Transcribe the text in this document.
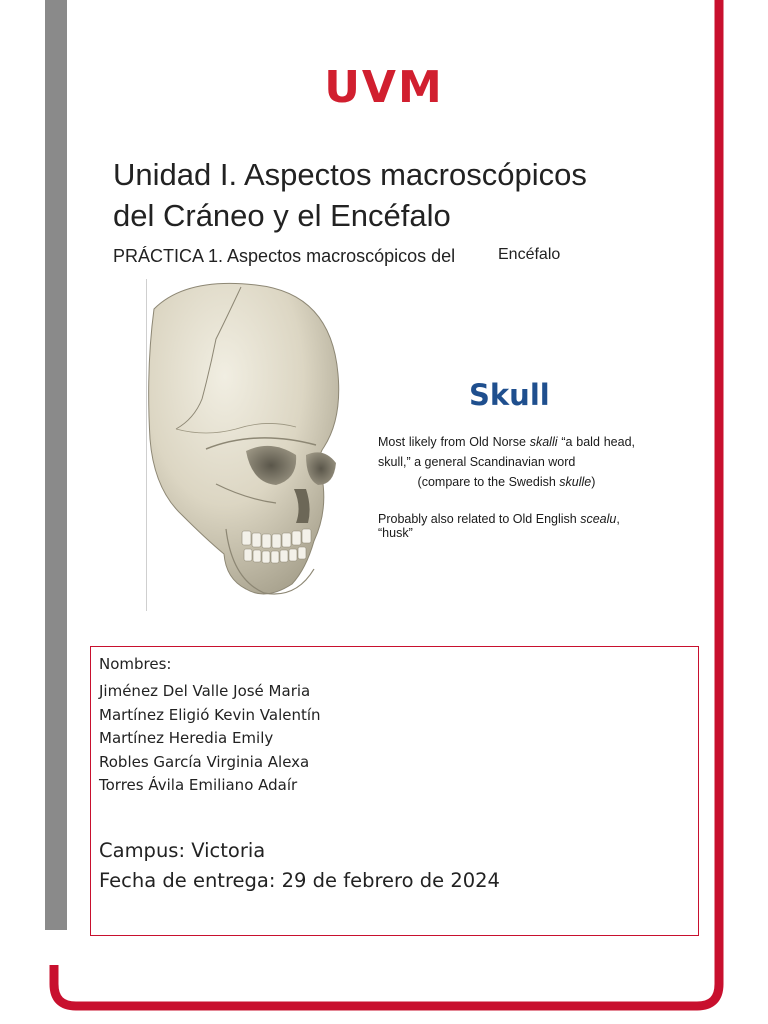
UVM
Unidad I. Aspectos macroscópicos
del Cráneo y el Encéfalo
PRÁCTICA 1. Aspectos macroscópicos del	Encéfalo
Skull
Most likely from Old Norse skalli “a bald head, skull,” a general Scandinavian word
(compare to the Swedish skulle)
Probably also related to Old English scealu, “husk”
Nombres:
Jiménez Del Valle José Maria
Martínez Eligió Kevin Valentín
Martínez Heredia Emily
Robles García Virginia Alexa
Torres Ávila Emiliano Adaír
Campus: Victoria
Fecha de entrega: 29 de febrero de 2024
